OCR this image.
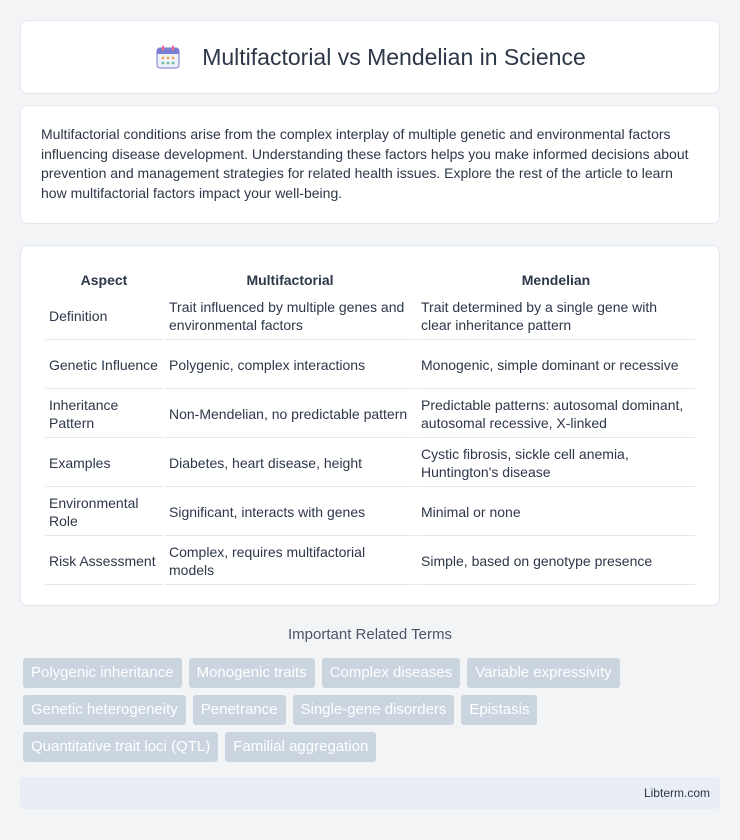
Multifactorial vs Mendelian in Science

Multifactorial conditions arise from the complex interplay of multiple genetic and environmental factors influencing disease development. Understanding these factors helps you make informed decisions about prevention and management strategies for related health issues. Explore the rest of the article to learn how multifactorial factors impact your well-being.

Aspect	Multifactorial	Mendelian
Definition	Trait influenced by multiple genes and environmental factors	Trait determined by a single gene with clear inheritance pattern
Genetic Influence	Polygenic, complex interactions	Monogenic, simple dominant or recessive
Inheritance Pattern	Non-Mendelian, no predictable pattern	Predictable patterns: autosomal dominant, autosomal recessive, X-linked
Examples	Diabetes, heart disease, height	Cystic fibrosis, sickle cell anemia, Huntington's disease
Environmental Role	Significant, interacts with genes	Minimal or none
Risk Assessment	Complex, requires multifactorial models	Simple, based on genotype presence
Important Related Terms
Polygenic inheritance	Monogenic traits	Complex diseases	Variable expressivity
Genetic heterogeneity	Penetrance	Single-gene disorders	Epistasis
Quantitative trait loci (QTL)	Familial aggregation
Libterm.com
